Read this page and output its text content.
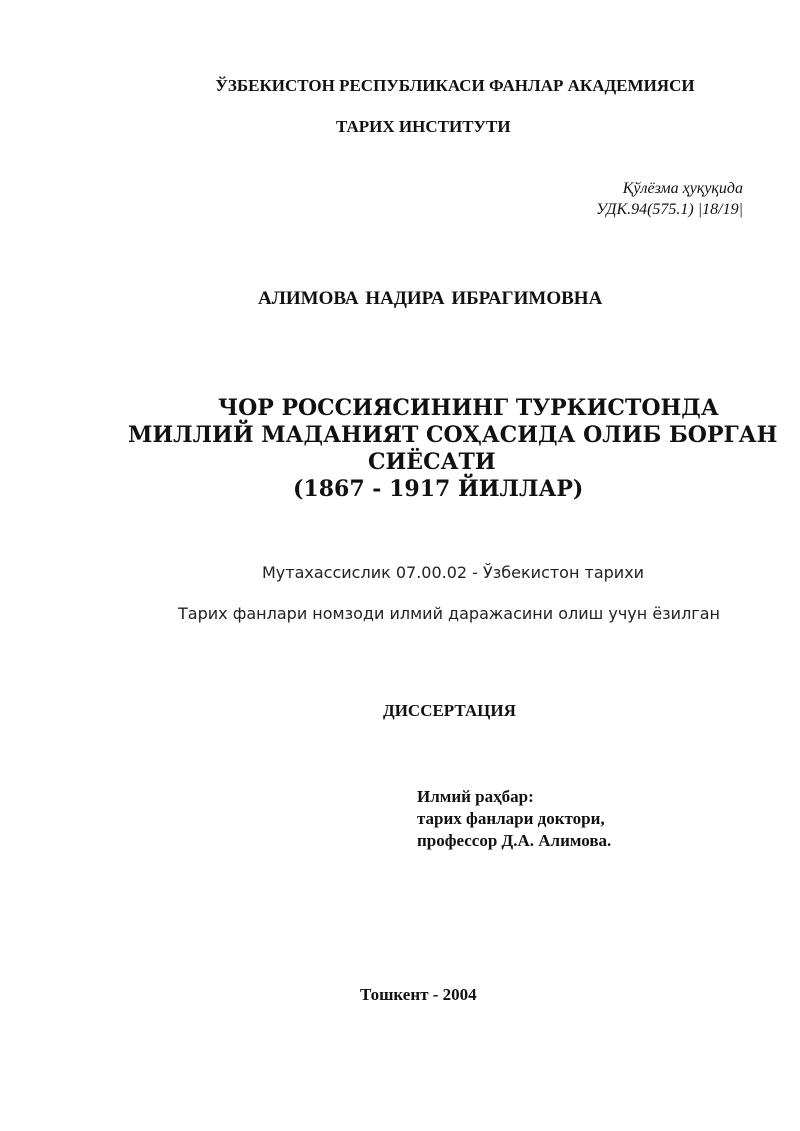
ЎЗБЕКИСТОН РЕСПУБЛИКАСИ ФАНЛАР АКАДЕМИЯСИ
ТАРИХ ИНСТИТУТИ
Қўлёзма ҳуқуқида
УДК.94(575.1) |18/19|
АЛИМОВА НАДИРА ИБРАГИМОВНА
ЧОР РОССИЯСИНИНГ ТУРКИСТОНДА
МИЛЛИЙ МАДАНИЯТ СОҲАСИДА ОЛИБ БОРГАН
СИЁСАТИ
(1867 - 1917 ЙИЛЛАР)
Мутахассислик 07.00.02 - Ўзбекистон тарихи
Тарих фанлари номзоди илмий даражасини олиш учун ёзилган
ДИССЕРТАЦИЯ
Илмий раҳбар:
тарих фанлари доктори,
профессор Д.А. Алимова.
Тошкент - 2004
